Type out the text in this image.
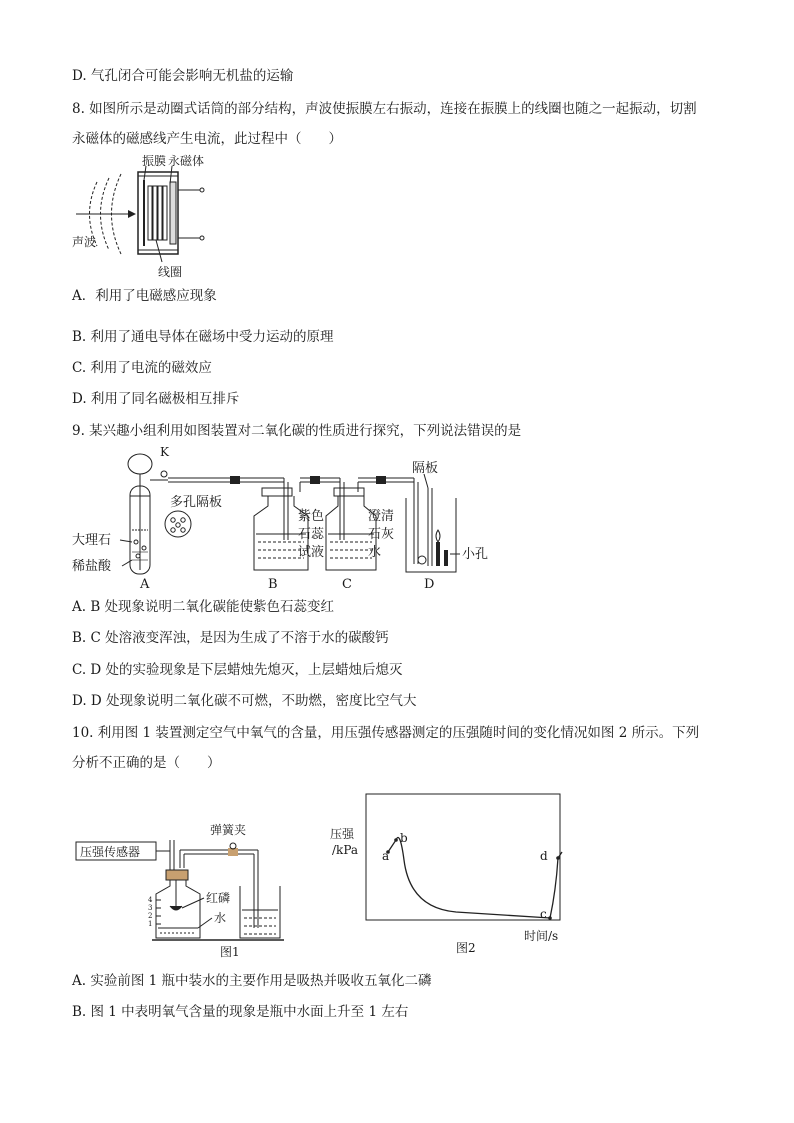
D. 气孔闭合可能会影响无机盐的运输
8. 如图所示是动圈式话筒的部分结构，声波使振膜左右振动，连接在振膜上的线圈也随之一起振动，切割
永磁体的磁感线产生电流，此过程中（　　）
振膜 永磁体
声波
线圈
A．利用了电磁感应现象
B. 利用了通电导体在磁场中受力运动的原理
C. 利用了电流的磁效应
D. 利用了同名磁极相互排斥
9. 某兴趣小组利用如图装置对二氧化碳的性质进行探究，下列说法错误的是
K
多孔隔板
大理石
稀盐酸
A
紫色
石蕊
试液
B
澄清
石灰
水
C
隔板
小孔
D
A. B 处现象说明二氧化碳能使紫色石蕊变红
B. C 处溶液变浑浊，是因为生成了不溶于水的碳酸钙
C. D 处的实验现象是下层蜡烛先熄灭，上层蜡烛后熄灭
D. D 处现象说明二氧化碳不可燃，不助燃，密度比空气大
10. 利用图 1 装置测定空气中氧气的含量，用压强传感器测定的压强随时间的变化情况如图 2 所示。下列
分析不正确的是（　　）
压强传感器
弹簧夹
4
3
2
1
红磷
水
图1
压强
/kPa a
b
c
d
时间/s
图2
A. 实验前图 1 瓶中装水的主要作用是吸热并吸收五氧化二磷
B. 图 1 中表明氧气含量的现象是瓶中水面上升至 1 左右
